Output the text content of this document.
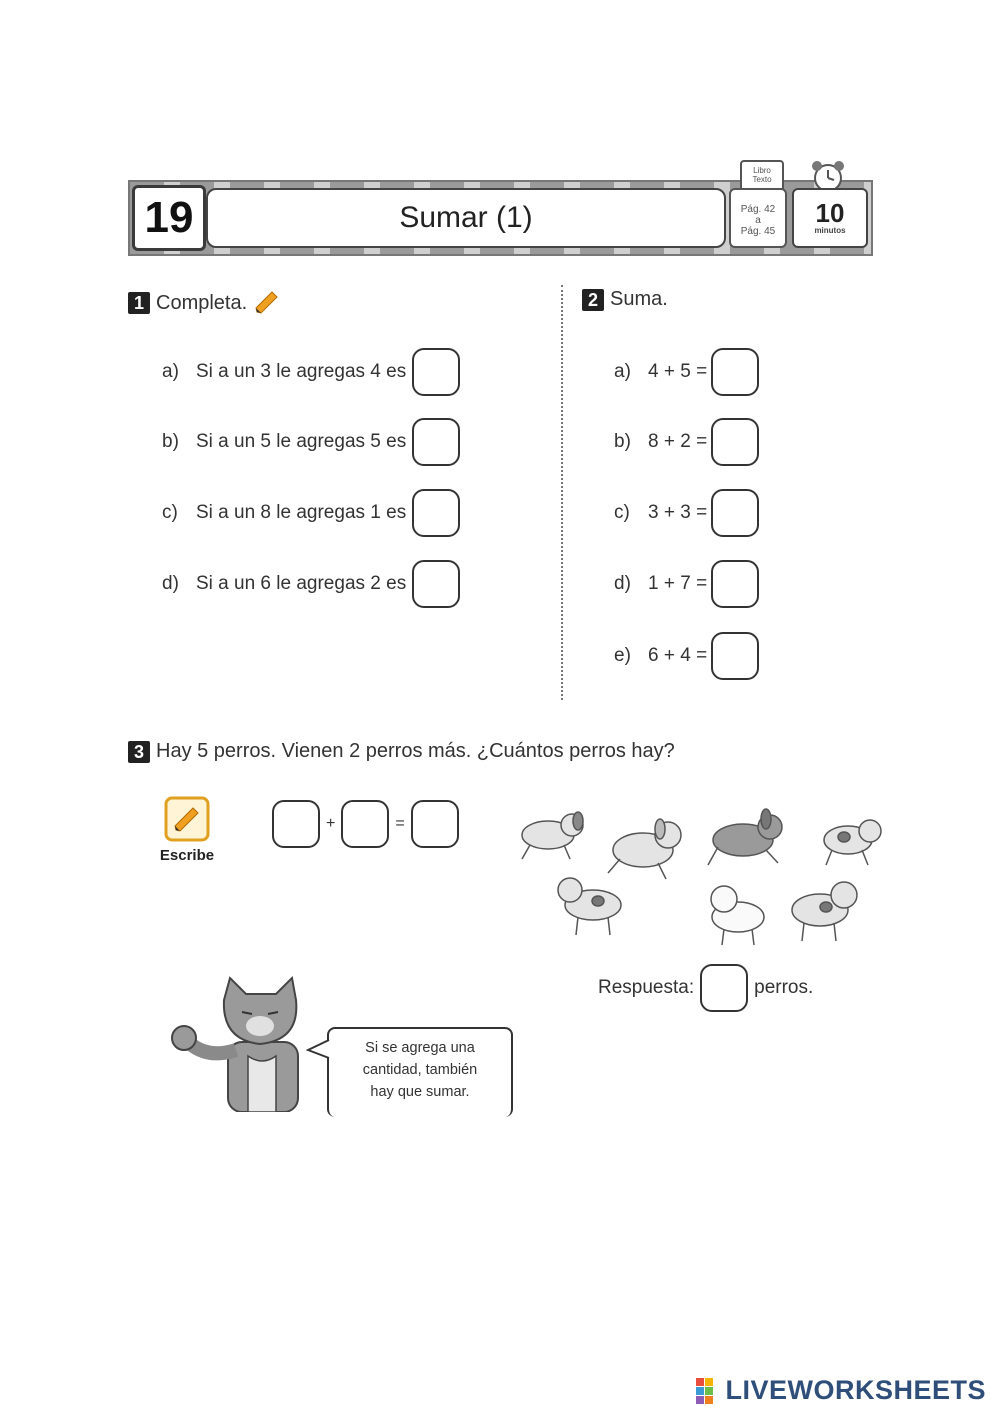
19	Sumar (1)
Libro
Texto
Pág. 42
a
Pág. 45
10
minutos
1 Completa.
a) Si a un 3 le agregas 4 es
b) Si a un 5 le agregas 5 es
c) Si a un 8 le agregas 1 es
d) Si a un 6 le agregas 2 es
2 Suma.
a) 4 + 5 =
b) 8 + 2 =
c) 3 + 3 =
d) 1 + 7 =
e) 6 + 4 =
3 Hay 5 perros. Vienen 2 perros más. ¿Cuántos perros hay?
Escribe
+	=
Respuesta:	perros.
Si se agrega una
cantidad, también
hay que sumar.
LIVEWORKSHEETS
